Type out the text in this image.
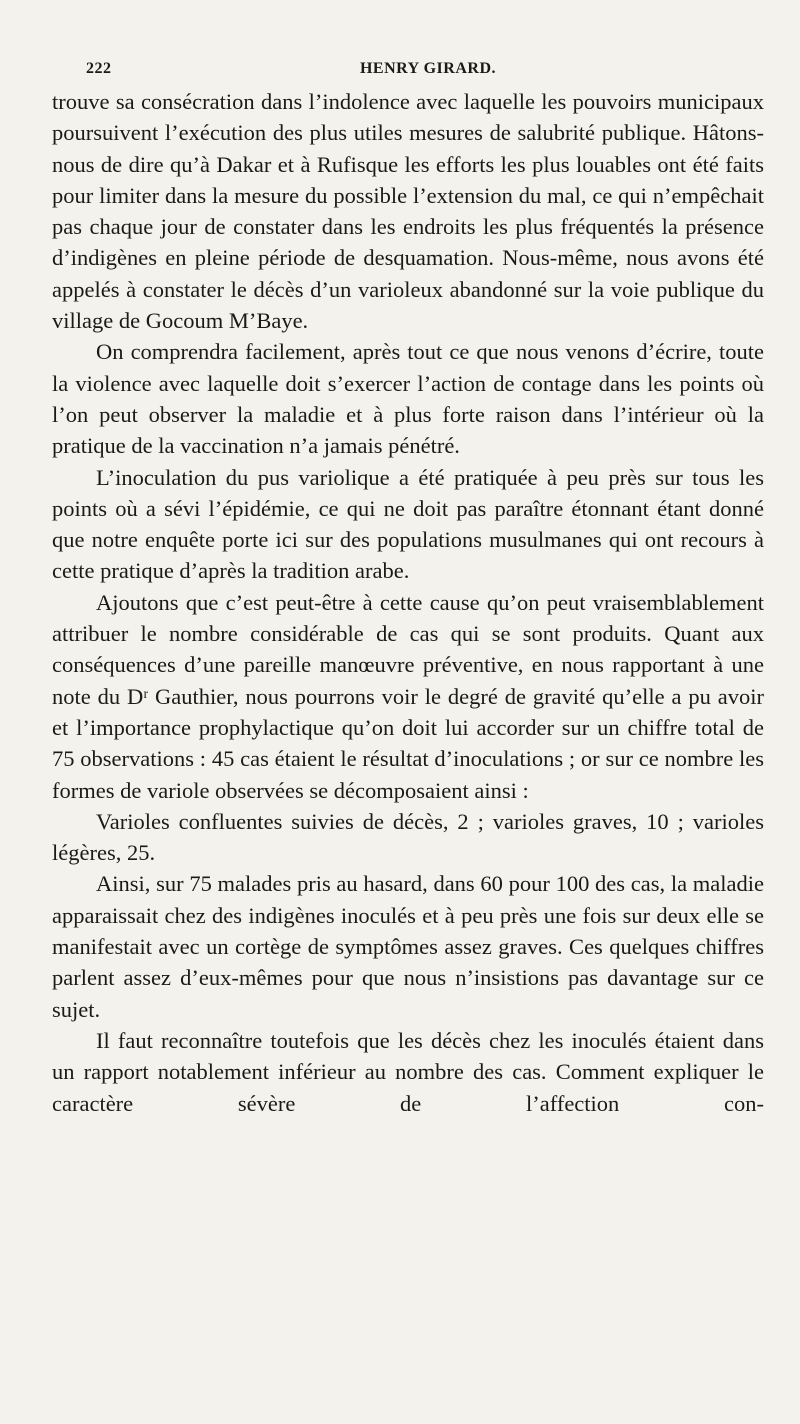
222	HENRY GIRARD.

trouve sa consécration dans l’indolence avec laquelle les pouvoirs municipaux poursuivent l’exécution des plus utiles mesures de salubrité publique. Hâtons-nous de dire qu’à Dakar et à Rufisque les efforts les plus louables ont été faits pour limiter dans la mesure du possible l’extension du mal, ce qui n’empêchait pas chaque jour de constater dans les endroits les plus fréquentés la présence d’indigènes en pleine période de desquamation. Nous-même, nous avons été appelés à constater le décès d’un varioleux abandonné sur la voie publique du village de Gocoum M’Baye.

On comprendra facilement, après tout ce que nous venons d’écrire, toute la violence avec laquelle doit s’exercer l’action de contage dans les points où l’on peut observer la maladie et à plus forte raison dans l’intérieur où la pratique de la vaccination n’a jamais pénétré.

L’inoculation du pus variolique a été pratiquée à peu près sur tous les points où a sévi l’épidémie, ce qui ne doit pas paraître étonnant étant donné que notre enquête porte ici sur des populations musulmanes qui ont recours à cette pratique d’après la tradition arabe.

Ajoutons que c’est peut-être à cette cause qu’on peut vraisemblablement attribuer le nombre considérable de cas qui se sont produits. Quant aux conséquences d’une pareille manœuvre préventive, en nous rapportant à une note du Dʳ Gauthier, nous pourrons voir le degré de gravité qu’elle a pu avoir et l’importance prophylactique qu’on doit lui accorder sur un chiffre total de 75 observations : 45 cas étaient le résultat d’inoculations ; or sur ce nombre les formes de variole observées se décomposaient ainsi :

Varioles confluentes suivies de décès, 2 ; varioles graves, 10 ; varioles légères, 25.

Ainsi, sur 75 malades pris au hasard, dans 60 pour 100 des cas, la maladie apparaissait chez des indigènes inoculés et à peu près une fois sur deux elle se manifestait avec un cortège de symptômes assez graves. Ces quelques chiffres parlent assez d’eux-mêmes pour que nous n’insistions pas davantage sur ce sujet.

Il faut reconnaître toutefois que les décès chez les inoculés étaient dans un rapport notablement inférieur au nombre des cas. Comment expliquer le caractère sévère de l’affection con-
